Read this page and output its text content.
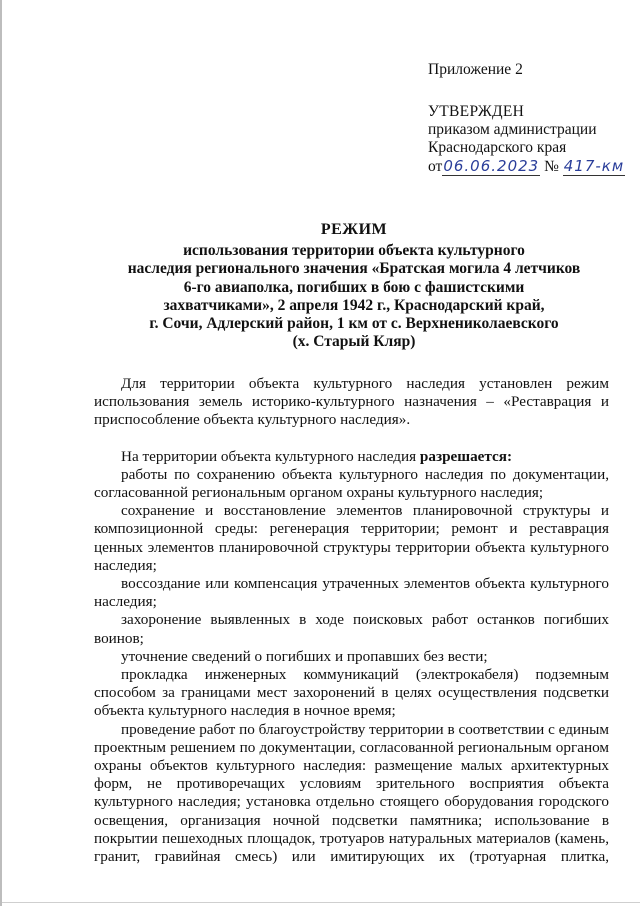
Приложение 2
УТВЕРЖДЕН
приказом администрации
Краснодарского края
от06.06.2023 № 417-км
РЕЖИМ
использования территории объекта культурного
наследия регионального значения «Братская могила 4 летчиков
6-го авиаполка, погибших в бою с фашистскими
захватчиками», 2 апреля 1942 г., Краснодарский край,
г. Сочи, Адлерский район, 1 км от с. Верхнениколаевского
(х. Старый Кляр)

Для территории объекта культурного наследия установлен режим использования земель историко-культурного назначения – «Реставрация и приспособление объекта культурного наследия».

На территории объекта культурного наследия разрешается:

работы по сохранению объекта культурного наследия по документации, согласованной региональным органом охраны культурного наследия;

сохранение и восстановление элементов планировочной структуры и композиционной среды: регенерация территории; ремонт и реставрация ценных элементов планировочной структуры территории объекта культурного наследия;

воссоздание или компенсация утраченных элементов объекта культурного наследия;

захоронение выявленных в ходе поисковых работ останков погибших воинов;

уточнение сведений о погибших и пропавших без вести;

прокладка инженерных коммуникаций (электрокабеля) подземным способом за границами мест захоронений в целях осуществления подсветки объекта культурного наследия в ночное время;

проведение работ по благоустройству территории в соответствии с единым проектным решением по документации, согласованной региональным органом охраны объектов культурного наследия: размещение малых архитектурных форм, не противоречащих условиям зрительного восприятия объекта культурного наследия; установка отдельно стоящего оборудования городского освещения, организация ночной подсветки памятника; использование в покрытии пешеходных площадок, тротуаров натуральных материалов (камень, гранит, гравийная смесь) или имитирующих их (тротуарная плитка,
